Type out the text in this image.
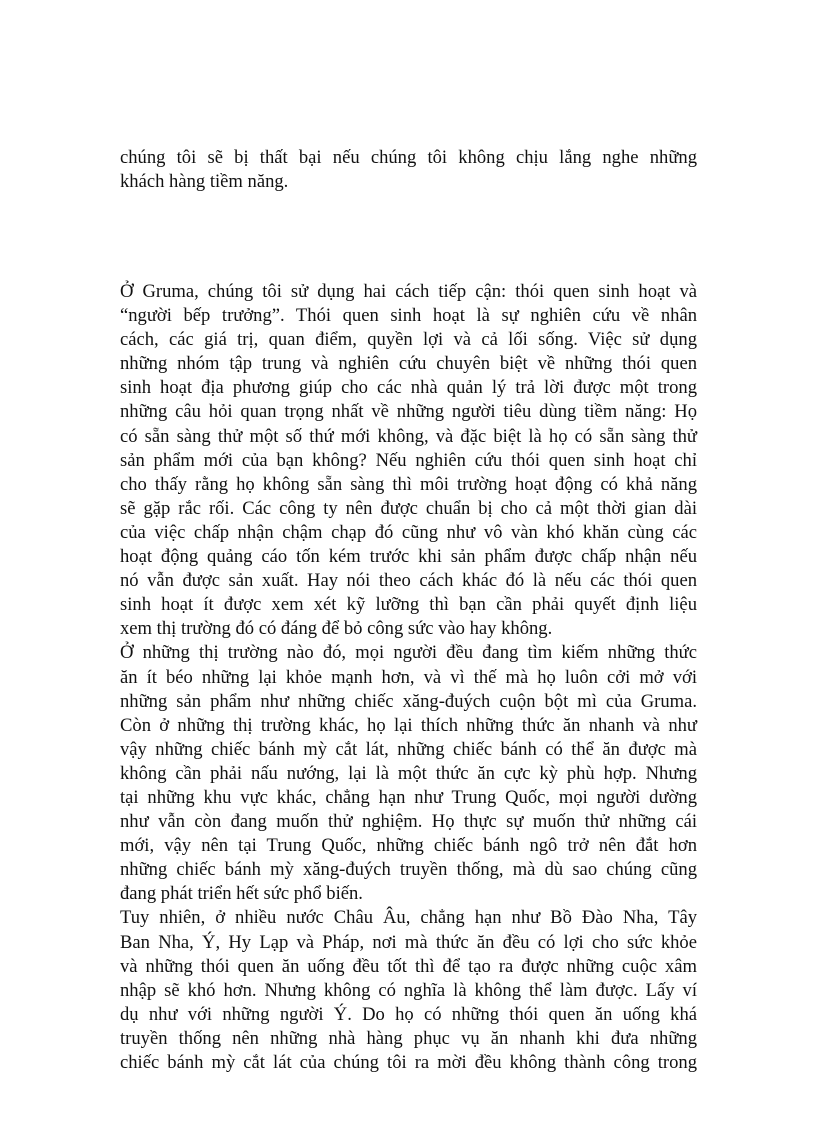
chúng tôi sẽ bị thất bại nếu chúng tôi không chịu lắng nghe những
khách hàng tiềm năng.
Ở Gruma, chúng tôi sử dụng hai cách tiếp cận: thói quen sinh hoạt và
“người bếp trưởng”. Thói quen sinh hoạt là sự nghiên cứu về nhân
cách, các giá trị, quan điểm, quyền lợi và cả lối sống. Việc sử dụng
những nhóm tập trung và nghiên cứu chuyên biệt về những thói quen
sinh hoạt địa phương giúp cho các nhà quản lý trả lời được một trong
những câu hỏi quan trọng nhất về những người tiêu dùng tiềm năng: Họ
có sẵn sàng thử một số thứ mới không, và đặc biệt là họ có sẵn sàng thử
sản phẩm mới của bạn không? Nếu nghiên cứu thói quen sinh hoạt chỉ
cho thấy rằng họ không sẵn sàng thì môi trường hoạt động có khả năng
sẽ gặp rắc rối. Các công ty nên được chuẩn bị cho cả một thời gian dài
của việc chấp nhận chậm chạp đó cũng như vô vàn khó khăn cùng các
hoạt động quảng cáo tốn kém trước khi sản phẩm được chấp nhận nếu
nó vẫn được sản xuất. Hay nói theo cách khác đó là nếu các thói quen
sinh hoạt ít được xem xét kỹ lưỡng thì bạn cần phải quyết định liệu
xem thị trường đó có đáng để bỏ công sức vào hay không.
Ở những thị trường nào đó, mọi người đều đang tìm kiếm những thức
ăn ít béo những lại khỏe mạnh hơn, và vì thế mà họ luôn cởi mở với
những sản phẩm như những chiếc xăng-đuých cuộn bột mì của Gruma.
Còn ở những thị trường khác, họ lại thích những thức ăn nhanh và như
vậy những chiếc bánh mỳ cắt lát, những chiếc bánh có thể ăn được mà
không cần phải nấu nướng, lại là một thức ăn cực kỳ phù hợp. Nhưng
tại những khu vực khác, chẳng hạn như Trung Quốc, mọi người dường
như vẫn còn đang muốn thử nghiệm. Họ thực sự muốn thử những cái
mới, vậy nên tại Trung Quốc, những chiếc bánh ngô trở nên đắt hơn
những chiếc bánh mỳ xăng-đuých truyền thống, mà dù sao chúng cũng
đang phát triển hết sức phổ biến.
Tuy nhiên, ở nhiều nước Châu Âu, chẳng hạn như Bồ Đào Nha, Tây
Ban Nha, Ý, Hy Lạp và Pháp, nơi mà thức ăn đều có lợi cho sức khỏe
và những thói quen ăn uống đều tốt thì để tạo ra được những cuộc xâm
nhập sẽ khó hơn. Nhưng không có nghĩa là không thể làm được. Lấy ví
dụ như với những người Ý. Do họ có những thói quen ăn uống khá
truyền thống nên những nhà hàng phục vụ ăn nhanh khi đưa những
chiếc bánh mỳ cắt lát của chúng tôi ra mời đều không thành công trong
